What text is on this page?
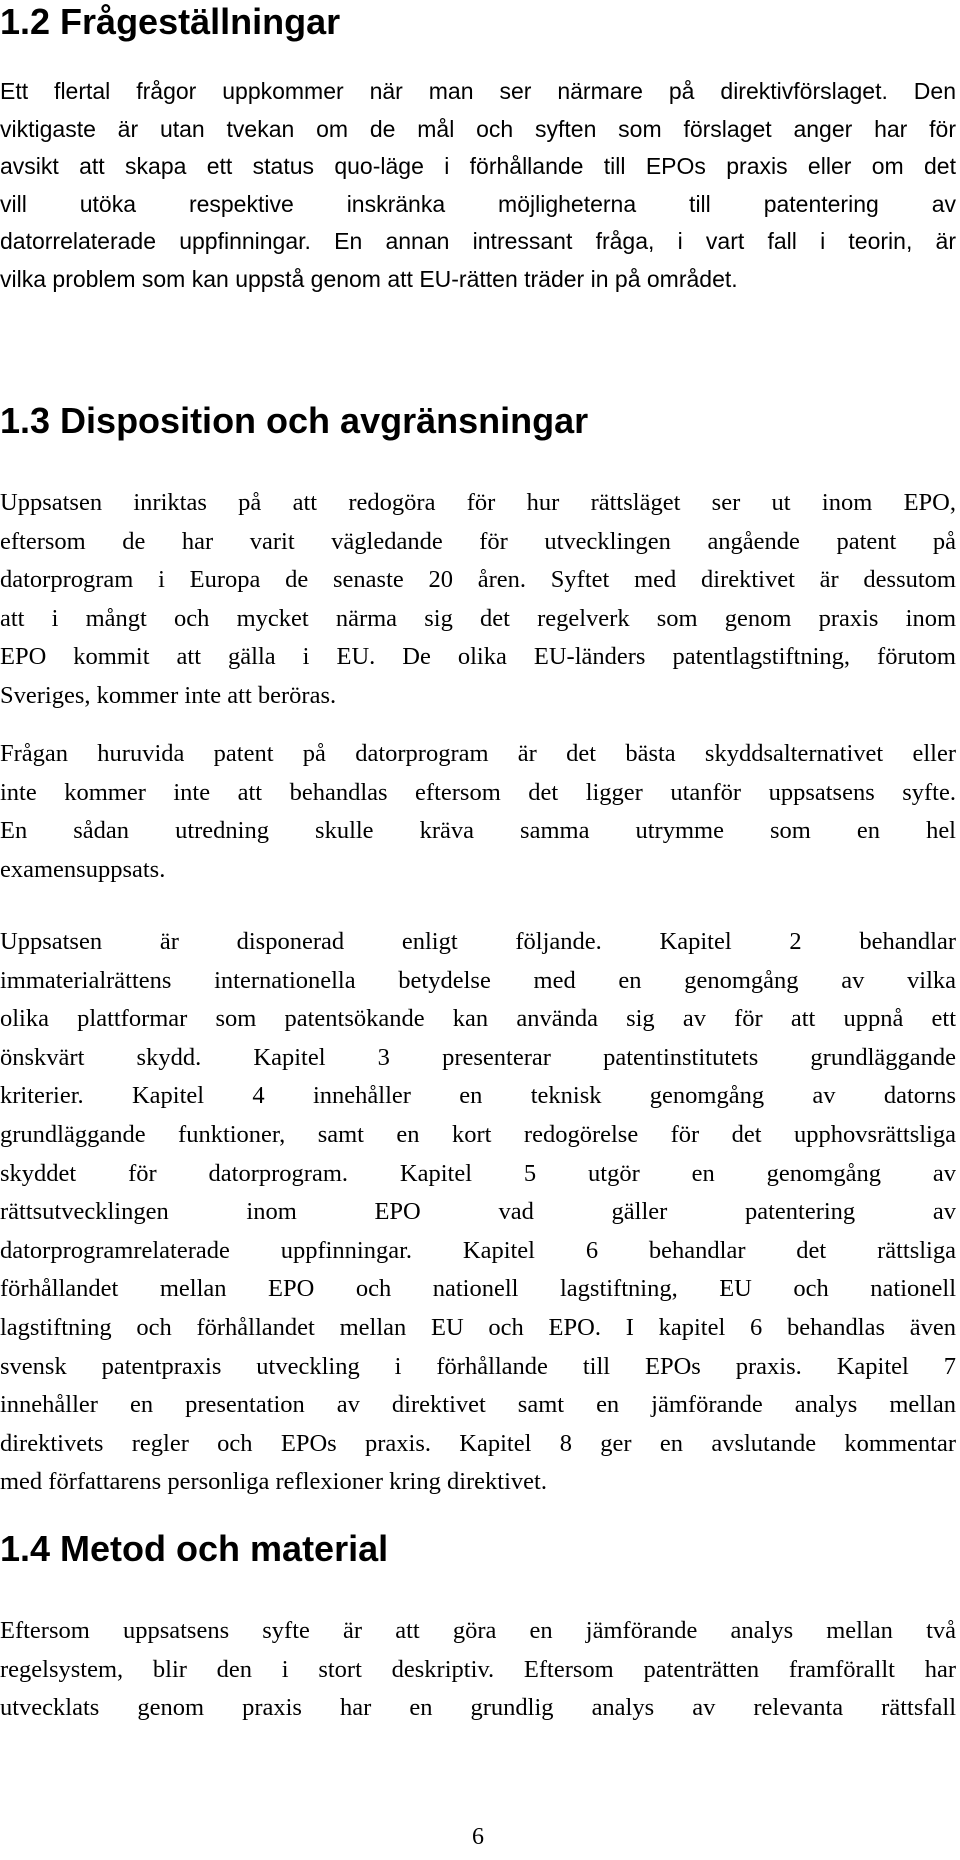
1.2 Frågeställningar
Ett flertal frågor uppkommer när man ser närmare på direktivförslaget. Den
viktigaste är utan tvekan om de mål och syften som förslaget anger har för
avsikt att skapa ett status quo-läge i förhållande till EPOs praxis eller om det
vill utöka respektive inskränka möjligheterna till patentering av
datorrelaterade uppfinningar. En annan intressant fråga, i vart fall i teorin, är
vilka problem som kan uppstå genom att EU-rätten träder in på området.
1.3 Disposition och avgränsningar
Uppsatsen inriktas på att redogöra för hur rättsläget ser ut inom EPO,
eftersom de har varit vägledande för utvecklingen angående patent på
datorprogram i Europa de senaste 20 åren. Syftet med direktivet är dessutom
att i mångt och mycket närma sig det regelverk som genom praxis inom
EPO kommit att gälla i EU. De olika EU-länders patentlagstiftning, förutom
Sveriges, kommer inte att beröras.
Frågan huruvida patent på datorprogram är det bästa skyddsalternativet eller
inte kommer inte att behandlas eftersom det ligger utanför uppsatsens syfte.
En sådan utredning skulle kräva samma utrymme som en hel
examensuppsats.
Uppsatsen är disponerad enligt följande. Kapitel 2 behandlar
immaterialrättens internationella betydelse med en genomgång av vilka
olika plattformar som patentsökande kan använda sig av för att uppnå ett
önskvärt skydd. Kapitel 3 presenterar patentinstitutets grundläggande
kriterier. Kapitel 4 innehåller en teknisk genomgång av datorns
grundläggande funktioner, samt en kort redogörelse för det upphovsrättsliga
skyddet för datorprogram. Kapitel 5 utgör en genomgång av
rättsutvecklingen inom EPO vad gäller patentering av
datorprogramrelaterade uppfinningar. Kapitel 6 behandlar det rättsliga
förhållandet mellan EPO och nationell lagstiftning, EU och nationell
lagstiftning och förhållandet mellan EU och EPO. I kapitel 6 behandlas även
svensk patentpraxis utveckling i förhållande till EPOs praxis. Kapitel 7
innehåller en presentation av direktivet samt en jämförande analys mellan
direktivets regler och EPOs praxis. Kapitel 8 ger en avslutande kommentar
med författarens personliga reflexioner kring direktivet.
1.4 Metod och material
Eftersom uppsatsens syfte är att göra en jämförande analys mellan två
regelsystem, blir den i stort deskriptiv. Eftersom patenträtten framförallt har
utvecklats genom praxis har en grundlig analys av relevanta rättsfall
6
